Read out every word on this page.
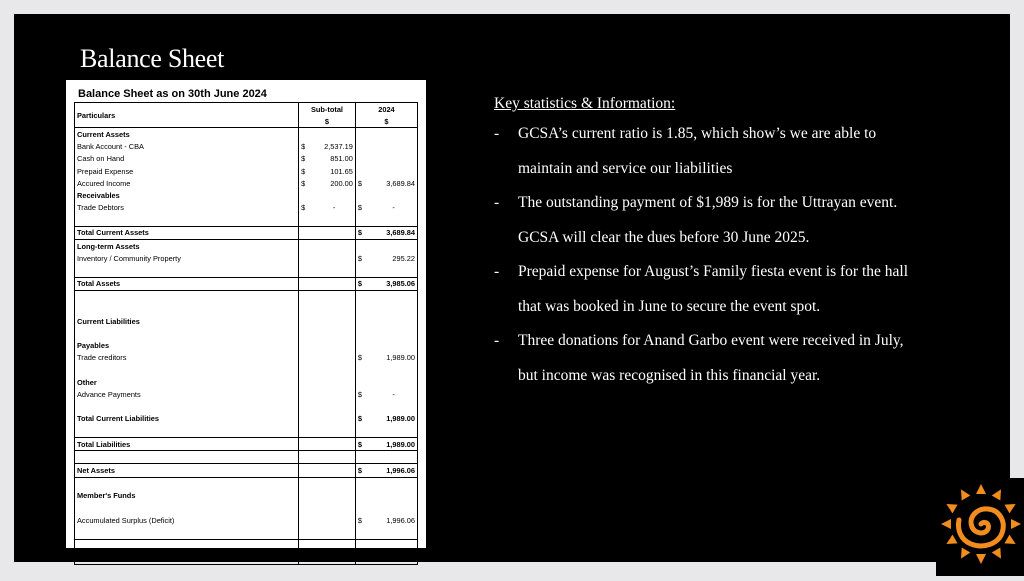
Balance Sheet
Balance Sheet as on 30th June 2024
Particulars	Sub-total		2024	
	$		$	
Current Assets				
Bank Account - CBA	$	2,537.19		
Cash on Hand	$	851.00		
Prepaid Expense	$	101.65		
Accured Income	$	200.00	$	3,689.84
Receivables				
Trade Debtors	$	-	$	-

Total Current Assets			$	3,689.84
Long-term Assets				
Inventory / Community Property			$	295.22

Total Assets			$	3,985.06

Current Liabilities				

Payables				
Trade creditors			$	1,989.00

Other				
Advance Payments			$	-

Total Current Liabilities			$	1,989.00

Total Liabilities			$	1,989.00

Net Assets			$	1,996.06

Member's Funds				

Accumulated Surplus (Deficit)			$	1,996.06

Total Member's Funds			$	1,996.06
Key statistics & Information:
- GCSA’s current ratio is 1.85, which show’s we are able to
maintain and service our liabilities
- The outstanding payment of $1,989 is for the Uttrayan event.
GCSA will clear the dues before 30 June 2025.
- Prepaid expense for August’s Family fiesta event is for the hall
that was booked in June to secure the event spot.
- Three donations for Anand Garbo event were received in July,
but income was recognised in this financial year.
